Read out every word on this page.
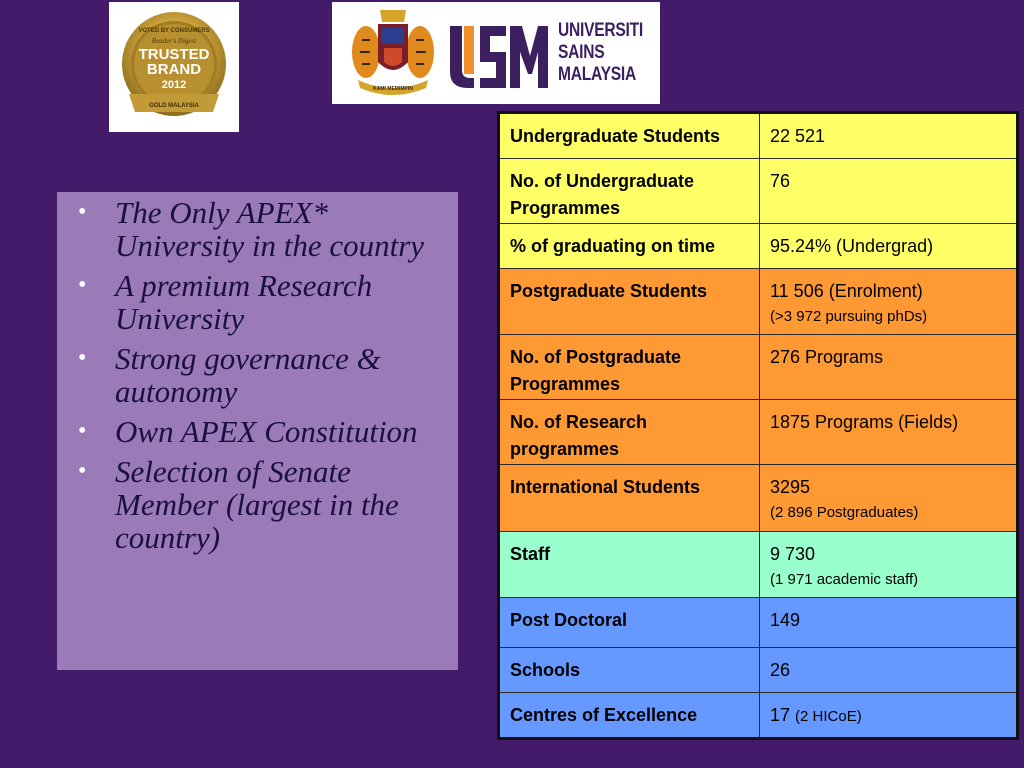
VOTED BY CONSUMERS
Reader's Digest
TRUSTED
BRAND
2012
GOLD MALAYSIA
KAMI MEMIMPIN
UNIVERSITI
SAINS
MALAYSIA
• The Only APEX* University in the country
• A premium Research University
• Strong governance & autonomy
• Own APEX Constitution
• Selection of Senate Member (largest in the country)
Undergraduate Students	22 521
No. of Undergraduate Programmes	76
% of graduating on time	95.24% (Undergrad)
Postgraduate Students	11 506 (Enrolment)
(>3 972 pursuing phDs)

No. of Postgraduate Programmes	276 Programs
No. of Research programmes	1875 Programs (Fields)
International Students	3295
(2 896 Postgraduates)

Staff	9 730
(1 971 academic staff)

Post Doctoral	149
Schools	26
Centres of Excellence	17 (2 HICoE)
